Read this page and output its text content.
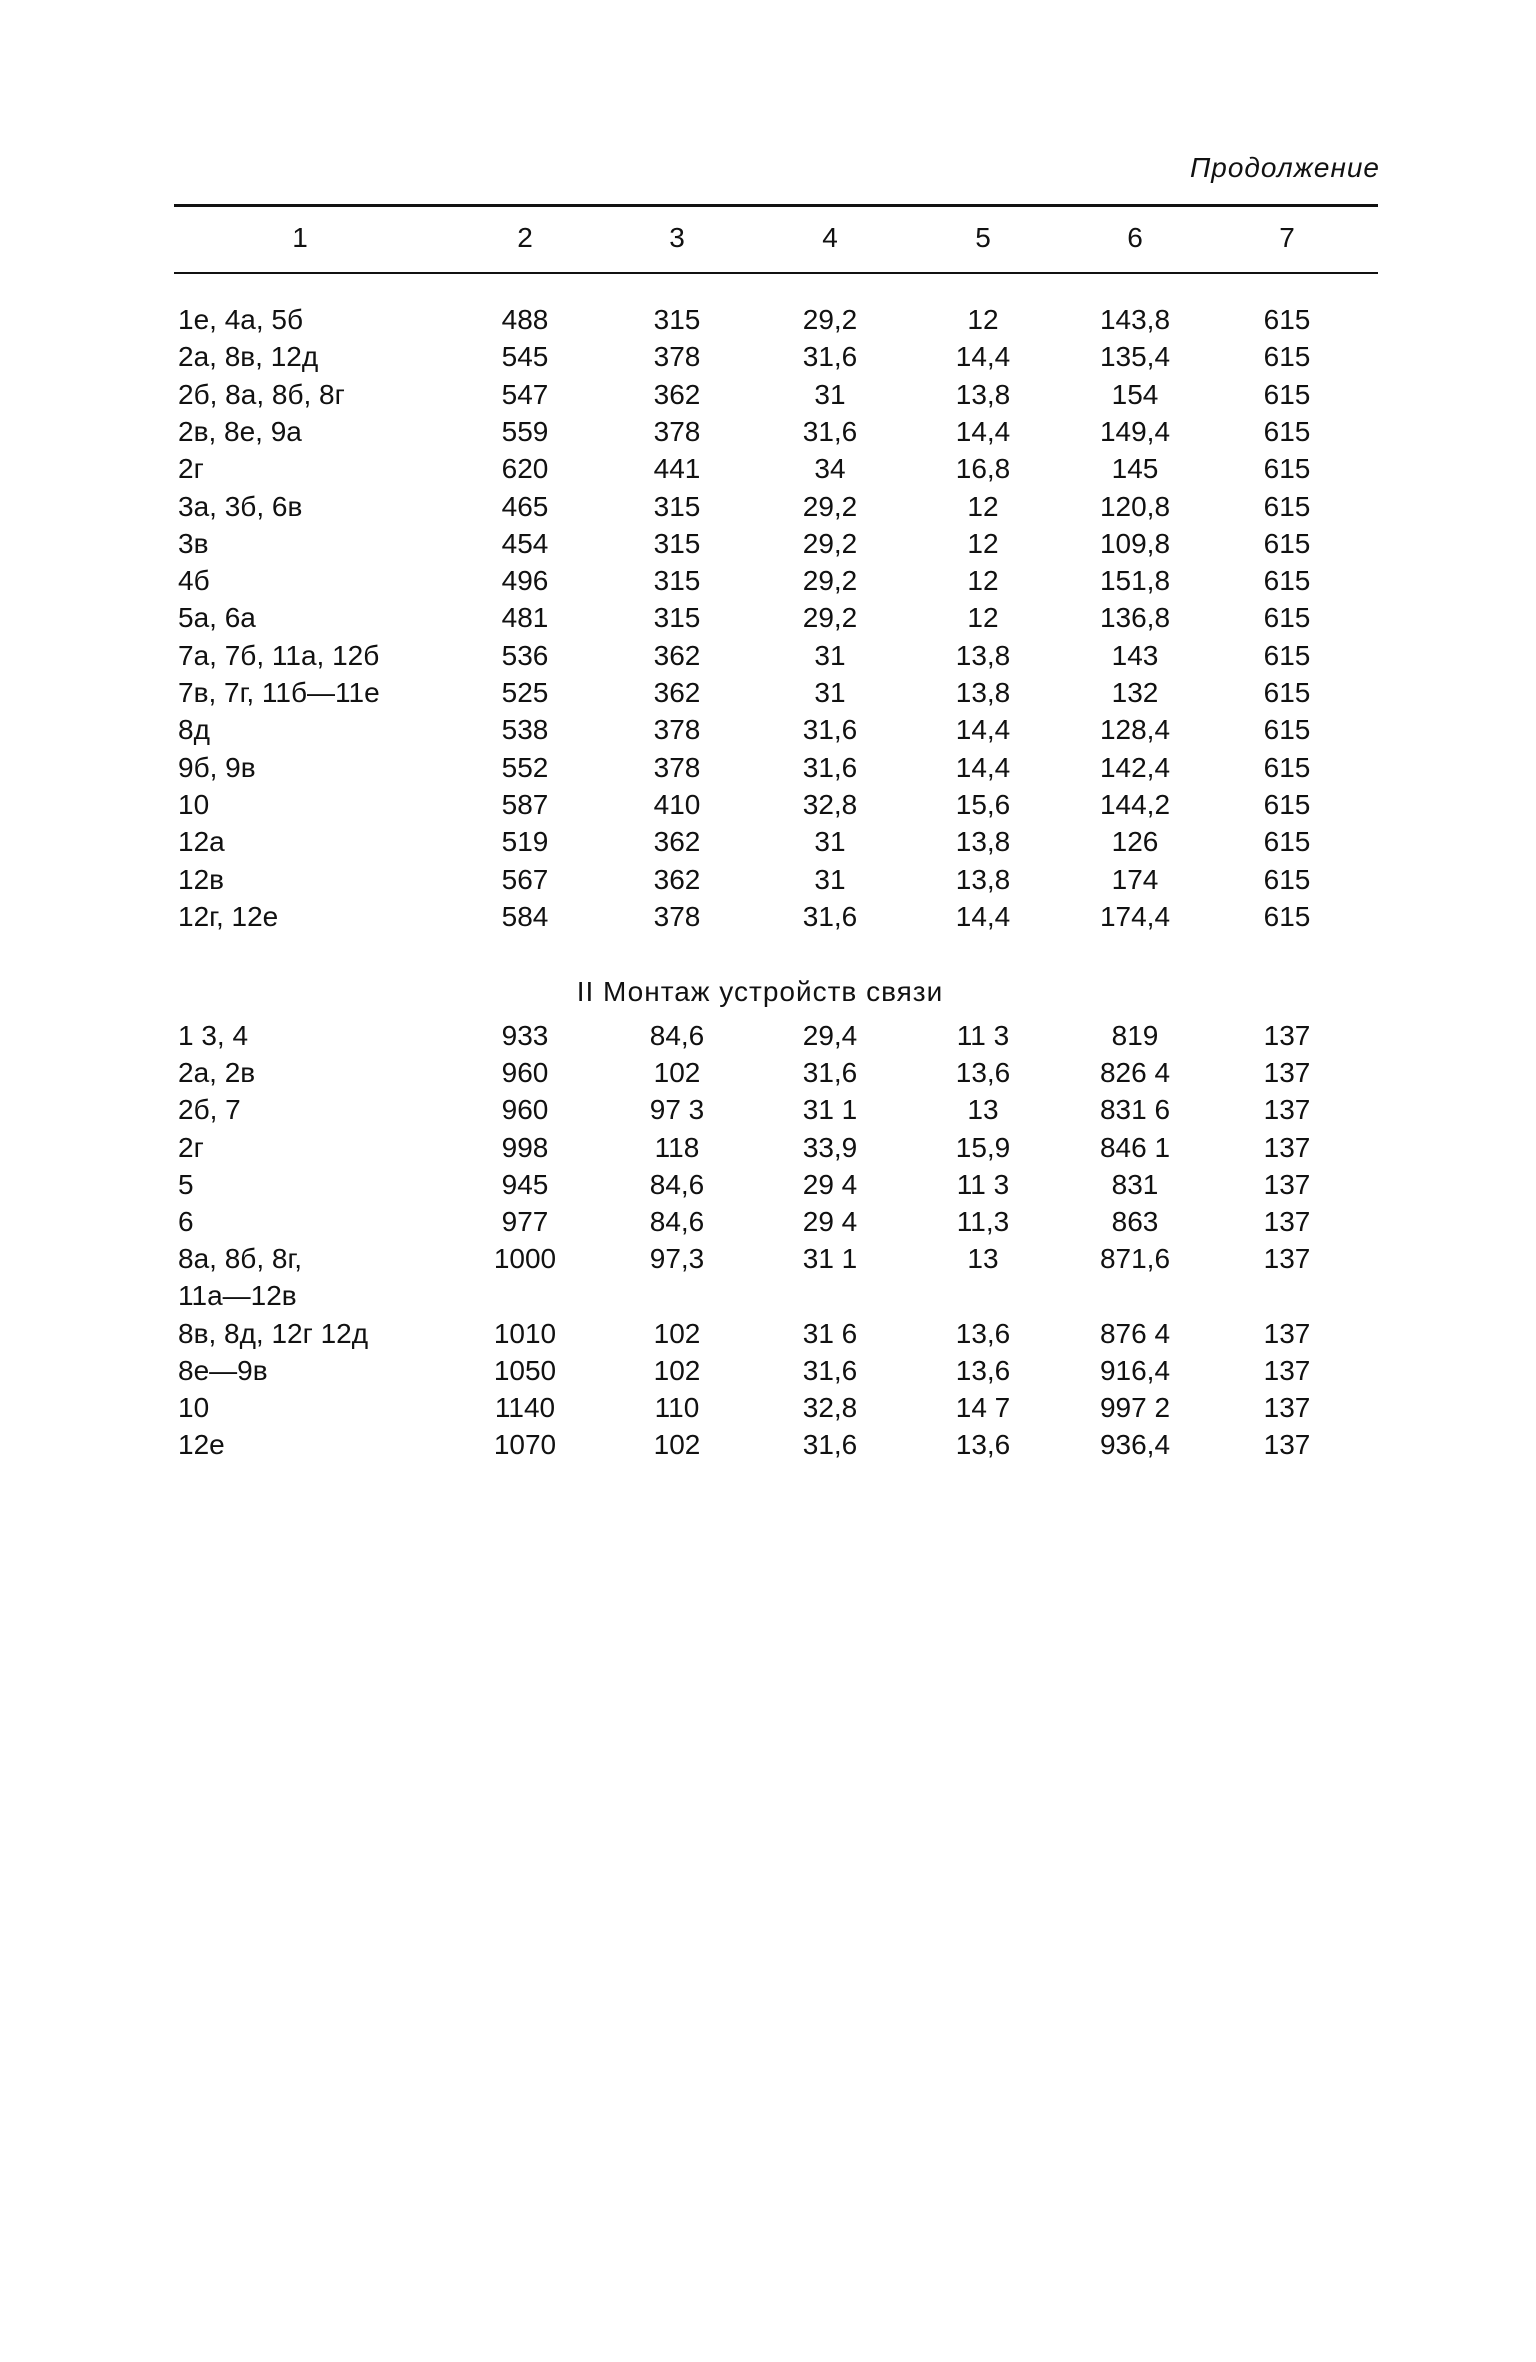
Продолжение
1	2	3	4	5	6	7
1е, 4а, 5б	488	315	29,2	12	143,8	615
2а, 8в, 12д	545	378	31,6	14,4	135,4	615
2б, 8а, 8б, 8г	547	362	31	13,8	154	615
2в, 8е, 9а	559	378	31,6	14,4	149,4	615
2г	620	441	34	16,8	145	615
3а, 3б, 6в	465	315	29,2	12	120,8	615
3в	454	315	29,2	12	109,8	615
4б	496	315	29,2	12	151,8	615
5а, 6а	481	315	29,2	12	136,8	615
7а, 7б, 11а, 12б	536	362	31	13,8	143	615
7в, 7г, 11б—11е	525	362	31	13,8	132	615
8д	538	378	31,6	14,4	128,4	615
9б, 9в	552	378	31,6	14,4	142,4	615
10	587	410	32,8	15,6	144,2	615
12а	519	362	31	13,8	126	615
12в	567	362	31	13,8	174	615
12г, 12е	584	378	31,6	14,4	174,4	615
II Монтаж устройств связи
1 3, 4	933	84,6	29,4	11 3	819	137
2а, 2в	960	102	31,6	13,6	826 4	137
2б, 7	960	97 3	31 1	13	831 6	137
2г	998	118	33,9	15,9	846 1	137
5	945	84,6	29 4	11 3	831	137
6	977	84,6	29 4	11,3	863	137
8а, 8б, 8г,	1000	97,3	31 1	13	871,6	137
11а—12в
8в, 8д, 12г 12д	1010	102	31 6	13,6	876 4	137
8е—9в	1050	102	31,6	13,6	916,4	137
10	1140	110	32,8	14 7	997 2	137
12е	1070	102	31,6	13,6	936,4	137
